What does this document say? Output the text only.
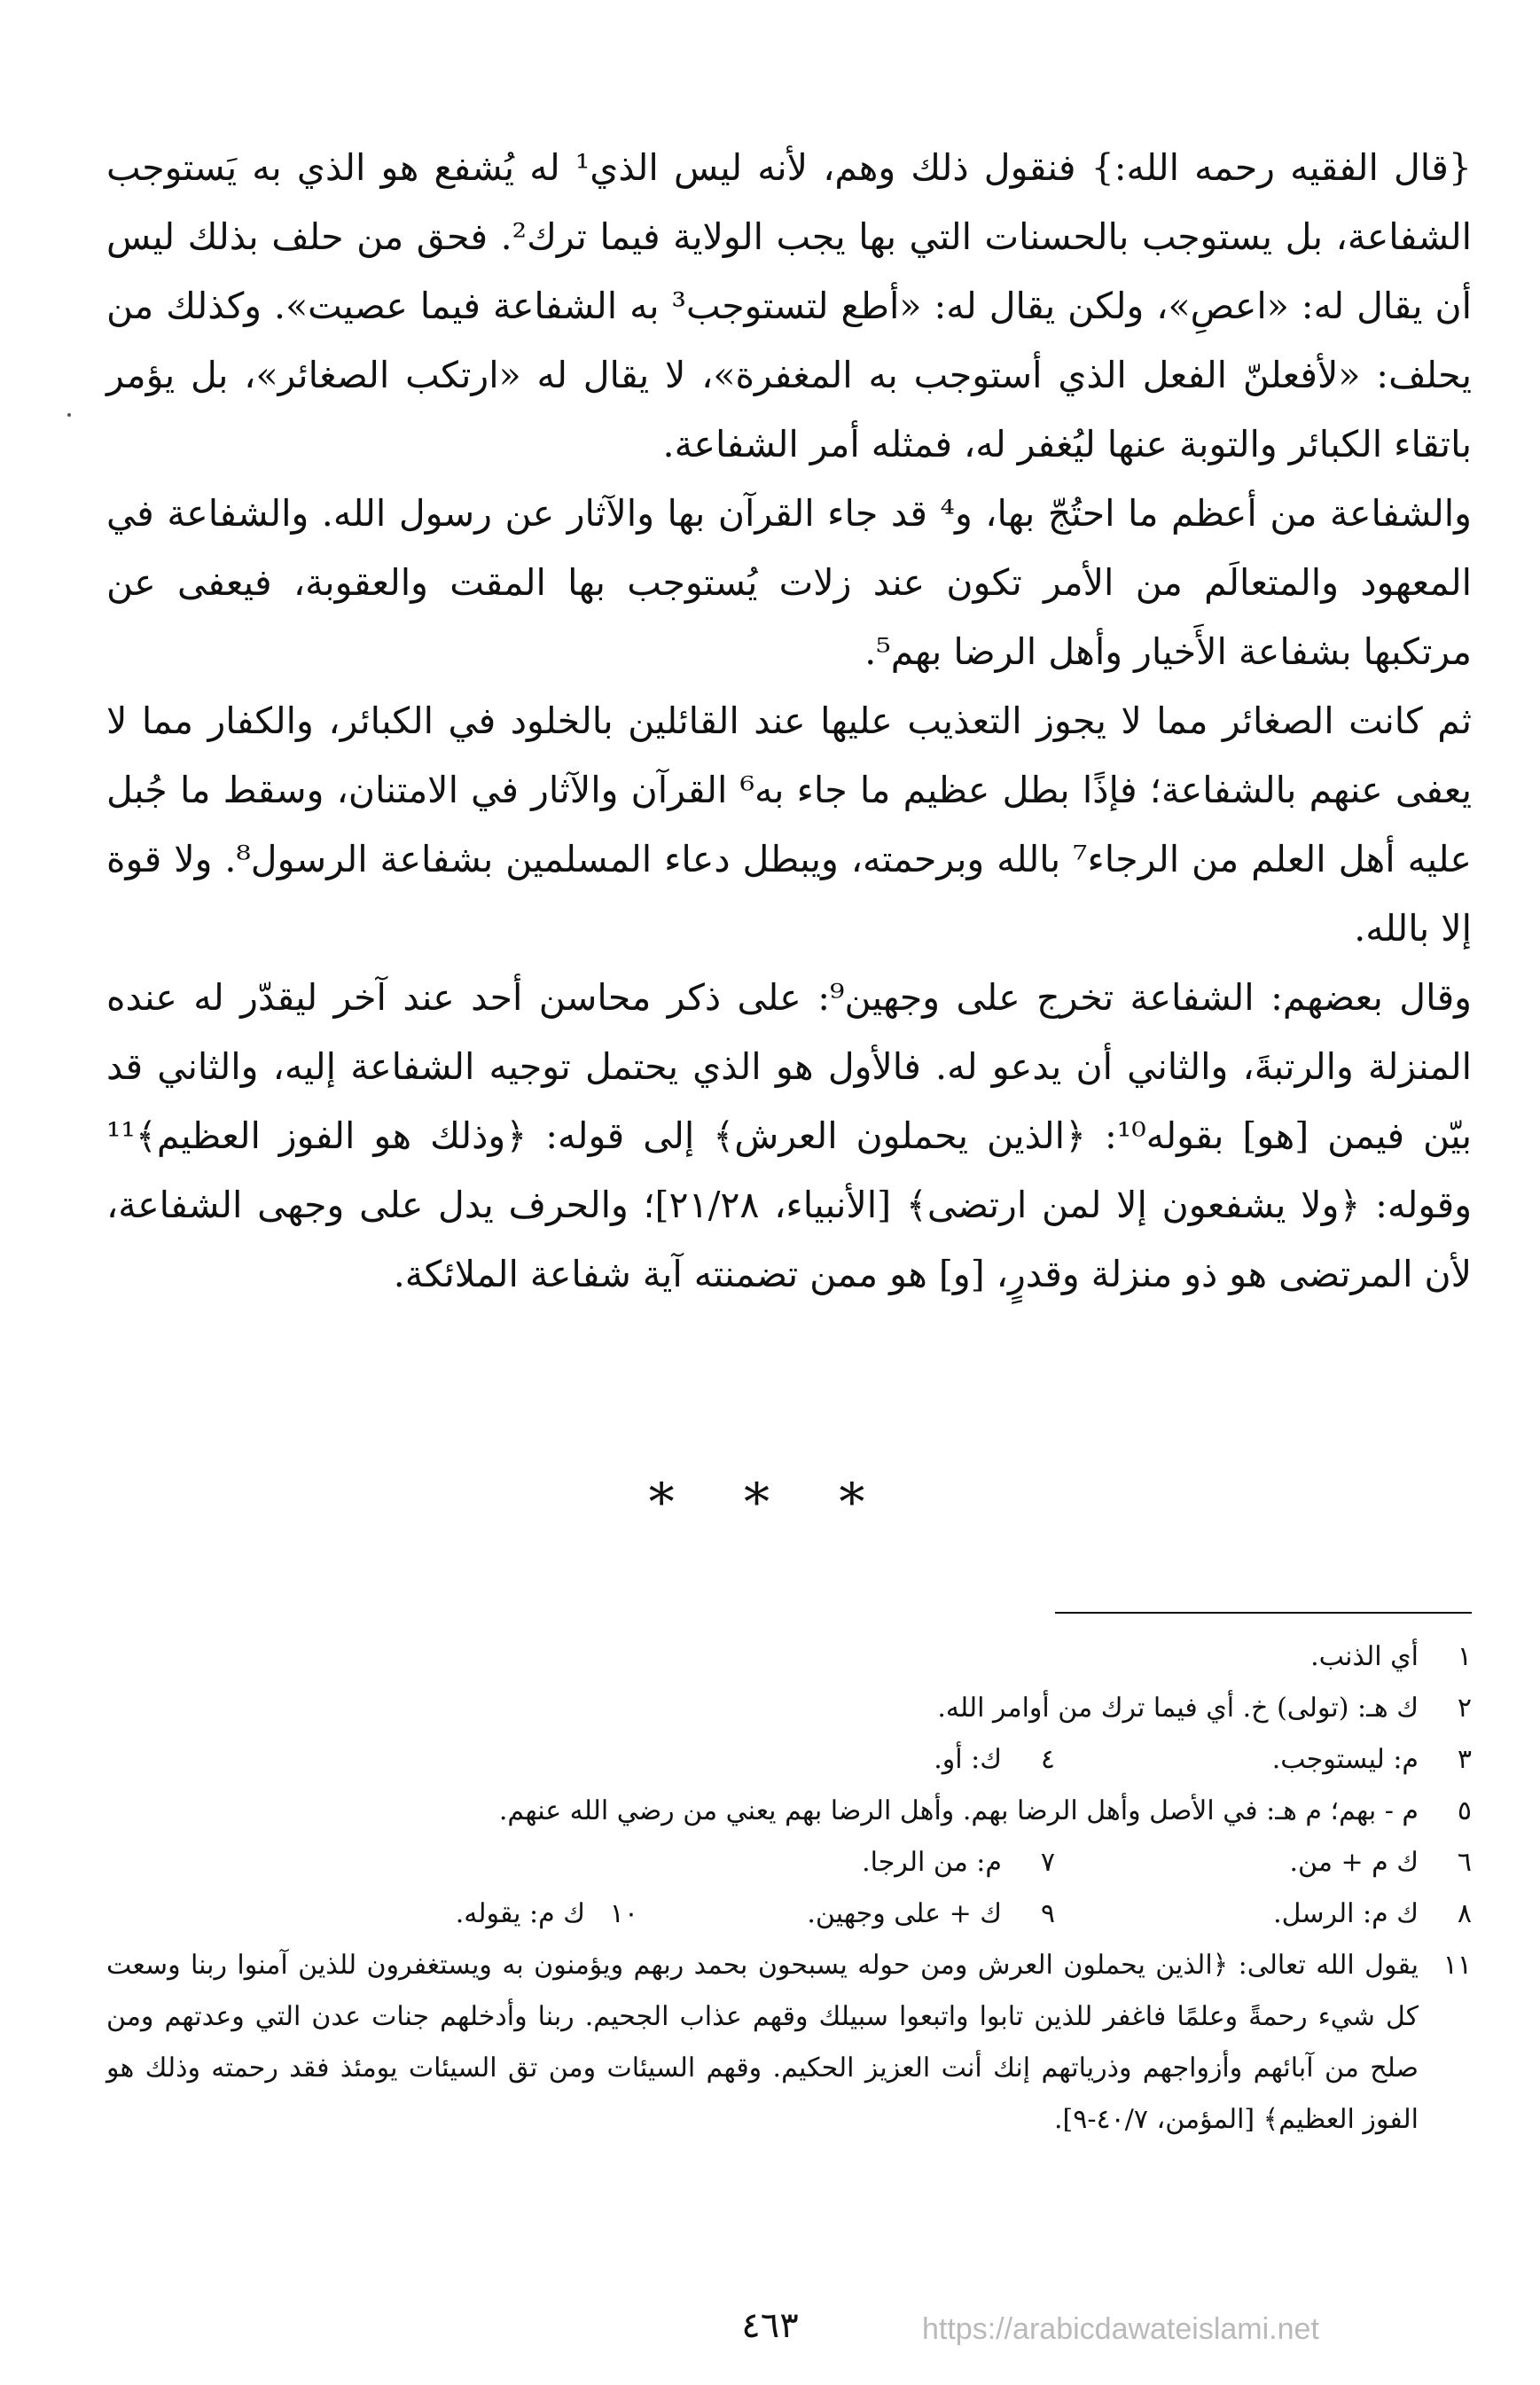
{قال الفقيه رحمه الله:} فنقول ذلك وهم، لأنه ليس الذي¹ له يُشفع هو الذي به يَستوجب الشفاعة، بل يستوجب بالحسنات التي بها يجب الولاية فيما ترك². فحق من حلف بذلك ليس أن يقال له: «اعصِ»، ولكن يقال له: «أطع لتستوجب³ به الشفاعة فيما عصيت». وكذلك من يحلف: «لأفعلنّ الفعل الذي أستوجب به المغفرة»، لا يقال له «ارتكب الصغائر»، بل يؤمر باتقاء الكبائر والتوبة عنها ليُغفر له، فمثله أمر الشفاعة.

والشفاعة من أعظم ما احتُجّ بها، و⁴ قد جاء القرآن بها والآثار عن رسول الله. والشفاعة في المعهود والمتعالَم من الأمر تكون عند زلات يُستوجب بها المقت والعقوبة، فيعفى عن مرتكبها بشفاعة الأَخيار وأهل الرضا بهم⁵.

ثم كانت الصغائر مما لا يجوز التعذيب عليها عند القائلين بالخلود في الكبائر، والكفار مما لا يعفى عنهم بالشفاعة؛ فإذًا بطل عظيم ما جاء به⁶ القرآن والآثار في الامتنان، وسقط ما جُبل عليه أهل العلم من الرجاء⁷ بالله وبرحمته، ويبطل دعاء المسلمين بشفاعة الرسول⁸. ولا قوة إلا بالله.

وقال بعضهم: الشفاعة تخرج على وجهين⁹: على ذكر محاسن أحد عند آخر ليقدّر له عنده المنزلة والرتبةَ، والثاني أن يدعو له. فالأول هو الذي يحتمل توجيه الشفاعة إليه، والثاني قد بيّن فيمن [هو] بقوله¹⁰: ﴿الذين يحملون العرش﴾ إلى قوله: ﴿وذلك هو الفوز العظيم﴾¹¹ وقوله: ﴿ولا يشفعون إلا لمن ارتضى﴾ [الأنبياء، ٢١/٢٨]؛ والحرف يدل على وجهى الشفاعة، لأن المرتضى هو ذو منزلة وقدرٍ، [و] هو ممن تضمنته آية شفاعة الملائكة.

* * *
١
أي الذنب.
٢
ك هـ: (تولى) خ. أي فيما ترك من أوامر الله.
٣
م: ليستوجب.
٤
ك: أو.
٥
م - بهم؛ م هـ: في الأصل وأهل الرضا بهم. وأهل الرضا بهم يعني من رضي الله عنهم.
٦
ك م + من.
٧
م: من الرجا.
٨
ك م: الرسل.
٩
ك + على وجهين.
١٠
ك م: يقوله.
١١
يقول الله تعالى: ﴿الذين يحملون العرش ومن حوله يسبحون بحمد ربهم ويؤمنون به ويستغفرون للذين آمنوا ربنا وسعت كل شيء رحمةً وعلمًا فاغفر للذين تابوا واتبعوا سبيلك وقهم عذاب الجحيم. ربنا وأدخلهم جنات عدن التي وعدتهم ومن صلح من آبائهم وأزواجهم وذرياتهم إنك أنت العزيز الحكيم. وقهم السيئات ومن تق السيئات يومئذ فقد رحمته وذلك هو الفوز العظيم﴾ [المؤمن، ٤٠/٧-٩].
٤٦٣	https://arabicdawateislami.net
